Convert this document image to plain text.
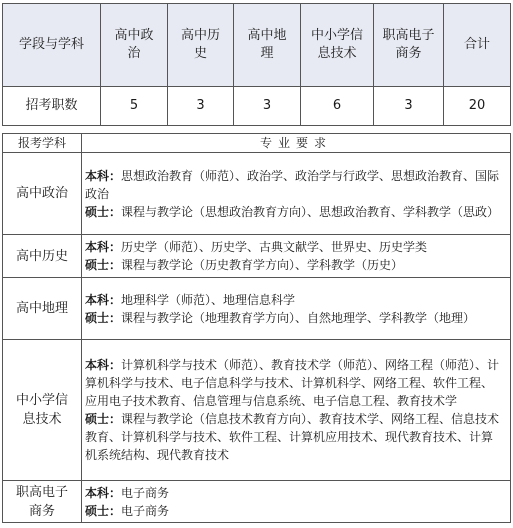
学段与学科	高中政治	高中历史	高中地理	中小学信息技术	职高电子商务	合计
招考职数	5	3	3	6	3	20
报考学科	专业要求
高中政治	本科：思想政治教育（师范）、政治学、政治学与行政学、思想政治教育、国际政治
硕士：课程与教学论（思想政治教育方向）、思想政治教育、学科教学（思政）
高中历史	本科：历史学（师范）、历史学、古典文献学、世界史、历史学类
硕士：课程与教学论（历史教育学方向）、学科教学（历史）
高中地理	本科：地理科学（师范）、地理信息科学
硕士：课程与教学论（地理教育学方向）、自然地理学、学科教学（地理）
中小学信息技术	本科：计算机科学与技术（师范）、教育技术学（师范）、网络工程（师范）、计算机科学与技术、电子信息科学与技术、计算机科学、网络工程、软件工程、应用电子技术教育、信息管理与信息系统、电子信息工程、教育技术学
硕士：课程与教学论（信息技术教育方向）、教育技术学、网络工程、信息技术教育、计算机科学与技术、软件工程、计算机应用技术、现代教育技术、计算机系统结构、现代教育技术
职高电子商务	本科：电子商务
硕士：电子商务
